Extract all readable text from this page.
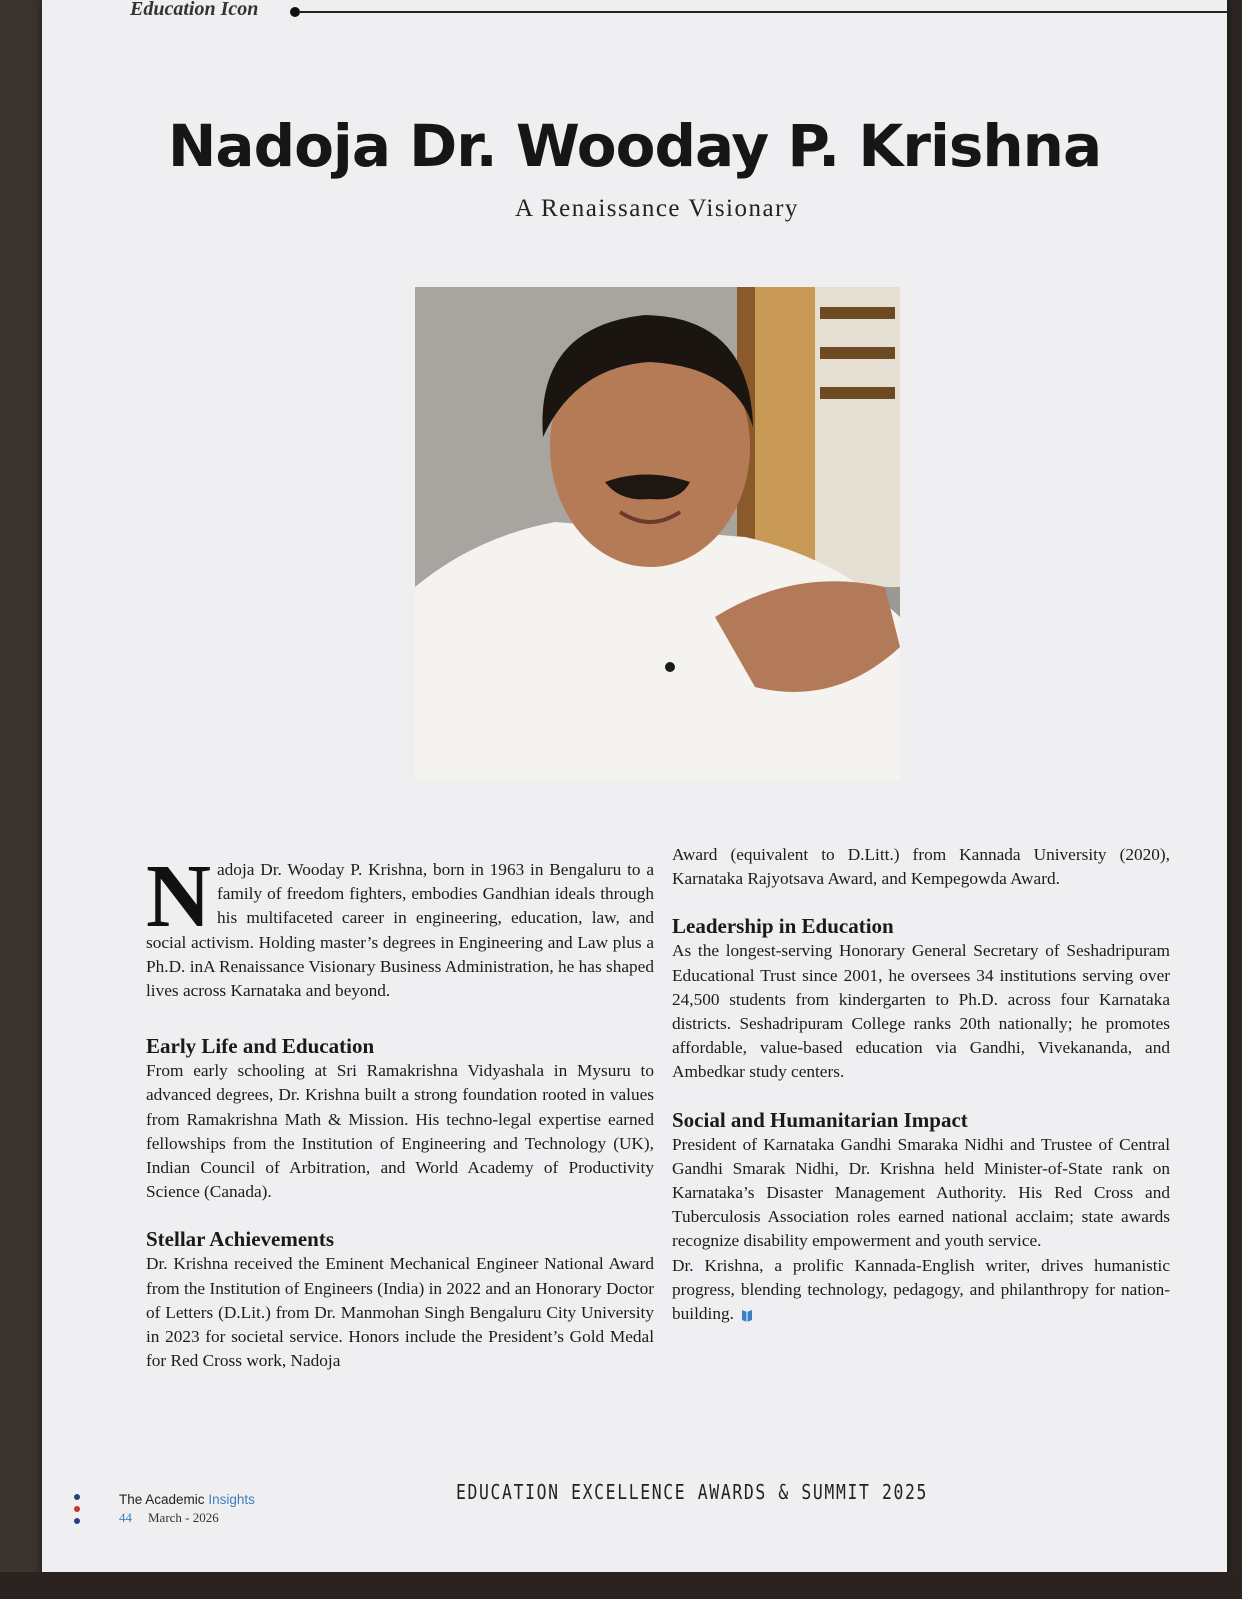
Education Icon
Nadoja Dr. Wooday P. Krishna
A Renaissance Visionary

Nadoja Dr. Wooday P. Krishna, born in 1963 in Bengaluru to a family of freedom fighters, embodies Gandhian ideals through his multifaceted career in engineering, education, law, and social activism. Holding master’s degrees in Engineering and Law plus a Ph.D. inA Renaissance Visionary Business Administration, he has shaped lives across Karnataka and beyond.

Early Life and Education

From early schooling at Sri Ramakrishna Vidyashala in Mysuru to advanced degrees, Dr. Krishna built a strong foundation rooted in values from Ramakrishna Math & Mission. His techno-legal expertise earned fellowships from the Institution of Engineering and Technology (UK), Indian Council of Arbitration, and World Academy of Productivity Science (Canada).

Stellar Achievements

Dr. Krishna received the Eminent Mechanical Engineer National Award from the Institution of Engineers (India) in 2022 and an Honorary Doctor of Letters (D.Lit.) from Dr. Manmohan Singh Bengaluru City University in 2023 for societal service. Honors include the President’s Gold Medal for Red Cross work, Nadoja

Award (equivalent to D.Litt.) from Kannada University (2020), Karnataka Rajyotsava Award, and Kempegowda Award.

Leadership in Education

As the longest-serving Honorary General Secretary of Seshadripuram Educational Trust since 2001, he oversees 34 institutions serving over 24,500 students from kindergarten to Ph.D. across four Karnataka districts. Seshadripuram College ranks 20th nationally; he promotes affordable, value-based education via Gandhi, Vivekananda, and Ambedkar study centers.

Social and Humanitarian Impact

President of Karnataka Gandhi Smaraka Nidhi and Trustee of Central Gandhi Smarak Nidhi, Dr. Krishna held Minister-of-State rank on Karnataka’s Disaster Management Authority. His Red Cross and Tuberculosis Association roles earned national acclaim; state awards recognize disability empowerment and youth service.

Dr. Krishna, a prolific Kannada-English writer, drives humanistic progress, blending technology, pedagogy, and philanthropy for nation-building.

The Academic Insights
44 March - 2026
EDUCATION EXCELLENCE AWARDS & SUMMIT 2025
